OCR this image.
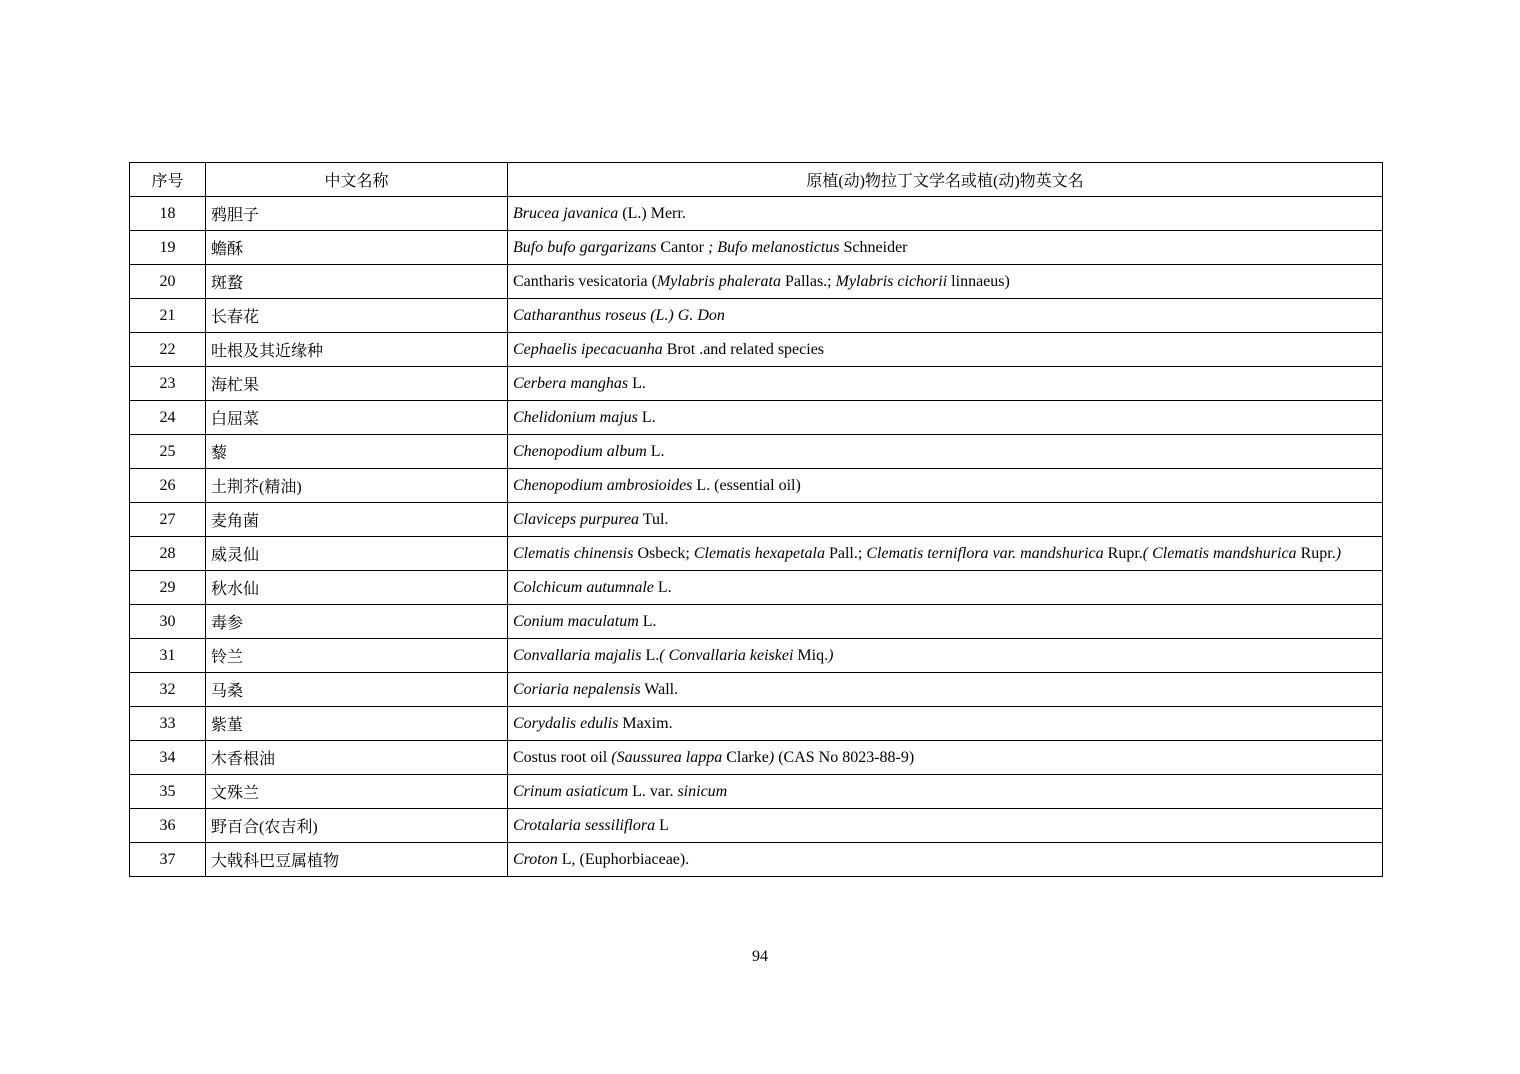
序号	中文名称	原植(动)物拉丁文学名或植(动)物英文名
18	鸦胆子	Brucea javanica (L.) Merr.
19	蟾酥	Bufo bufo gargarizans Cantor ; Bufo melanostictus Schneider
20	斑蝥	Cantharis vesicatoria (Mylabris phalerata Pallas.; Mylabris cichorii linnaeus)
21	长春花	Catharanthus roseus (L.) G. Don
22	吐根及其近缘种	Cephaelis ipecacuanha Brot .and related species
23	海杧果	Cerbera manghas L.
24	白屈菜	Chelidonium majus L.
25	藜	Chenopodium album L.
26	土荆芥(精油)	Chenopodium ambrosioides L. (essential oil)
27	麦角菌	Claviceps purpurea Tul.
28	威灵仙	Clematis chinensis Osbeck; Clematis hexapetala Pall.; Clematis terniflora var. mandshurica Rupr.( Clematis mandshurica Rupr.)
29	秋水仙	Colchicum autumnale L.
30	毒参	Conium maculatum L.
31	铃兰	Convallaria majalis L.( Convallaria keiskei Miq.)
32	马桑	Coriaria nepalensis Wall.
33	紫堇	Corydalis edulis Maxim.
34	木香根油	Costus root oil (Saussurea lappa Clarke) (CAS No 8023-88-9)
35	文殊兰	Crinum asiaticum L. var. sinicum
36	野百合(农吉利)	Crotalaria sessiliflora L
37	大戟科巴豆属植物	Croton L, (Euphorbiaceae).
94
